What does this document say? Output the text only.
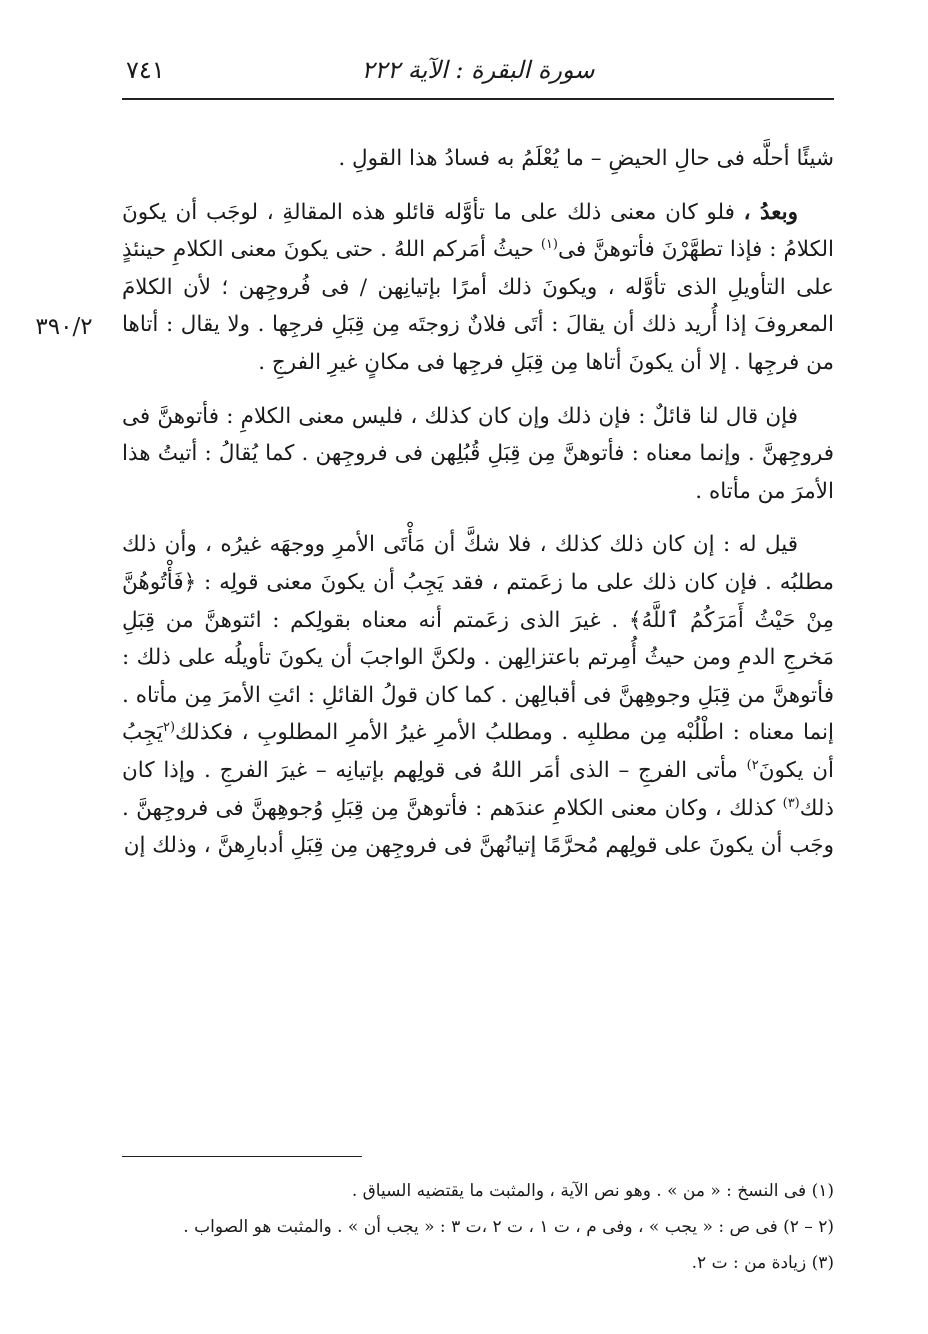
٧٤١	سورة البقرة : الآية ٢٢٢
٣٩٠/٢

شيئًا أحلَّه فى حالِ الحيضِ – ما يُعْلَمُ به فسادُ هذا القولِ .

وبعدُ ، فلو كان معنى ذلك على ما تأوَّله قائلو هذه المقالةِ ، لوجَب أن يكونَ الكلامُ : فإذا تطهَّرْنَ فأتوهنَّ فى$^{(١)}$ حيثُ أمَركم اللهُ . حتى يكونَ معنى الكلامِ حينئذٍ على التأويلِ الذى تأوَّله ، ويكونَ ذلك أمرًا بإتيانِهن / فى فُروجِهن ؛ لأن الكلامَ المعروفَ إذا أُريد ذلك أن يقالَ : أتَى فلانٌ زوجتَه مِن قِبَلِ فرجِها . ولا يقال : أتاها من فرجِها . إلا أن يكونَ أتاها مِن قِبَلِ فرجِها فى مكانٍ غيرِ الفرجِ .

فإن قال لنا قائلٌ : فإن ذلك وإن كان كذلك ، فليس معنى الكلامِ : فأتوهنَّ فى فروجِهنَّ . وإنما معناه : فأتوهنَّ مِن قِبَلِ قُبُلِهن فى فروجِهن . كما يُقالُ : أتيتُ هذا الأمرَ من مأتاه .

قيل له : إن كان ذلك كذلك ، فلا شكَّ أن مَأْتَى الأمرِ ووجهَه غيرُه ، وأن ذلك مطلبُه . فإن كان ذلك على ما زعَمتم ، فقد يَجِبُ أن يكونَ معنى قولِه : ﴿فَأْتُوهُنَّ مِنْ حَيْثُ أَمَرَكُمُ ٱللَّهُ﴾ . غيرَ الذى زعَمتم أنه معناه بقولِكم : ائتوهنَّ من قِبَلِ مَخرجِ الدمِ ومن حيثُ أُمِرتم باعتزالِهن . ولكنَّ الواجبَ أن يكونَ تأويلُه على ذلك : فأتوهنَّ من قِبَلِ وجوهِهنَّ فى أقبالِهن . كما كان قولُ القائلِ : ائتِ الأمرَ مِن مأتاه . إنما معناه : اطْلُبْه مِن مطلبِه . ومطلبُ الأمرِ غيرُ الأمرِ المطلوبِ ، فكذلك$^{(٢}$يَجِبُ أن يكونَ$^{٢)}$ مأتى الفرجِ – الذى أمَر اللهُ فى قولِهم بإتيانِه – غيرَ الفرجِ . وإذا كان ذلك$^{(٣)}$ كذلك ، وكان معنى الكلامِ عندَهم : فأتوهنَّ مِن قِبَلِ وُجوهِهنَّ فى فروجِهنَّ . وجَب أن يكونَ على قولِهم مُحرَّمًا إتيانُهنَّ فى فروجِهن مِن قِبَلِ أدبارِهنَّ ، وذلك إن

(١) فى النسخ : « من » . وهو نص الآية ، والمثبت ما يقتضيه السياق .

(٢ – ٢) فى ص : « يجب » ، وفى م ، ت ١ ، ت ٢ ،ت ٣ : « يجب أن » . والمثبت هو الصواب .

(٣) زيادة من : ت ٢.
